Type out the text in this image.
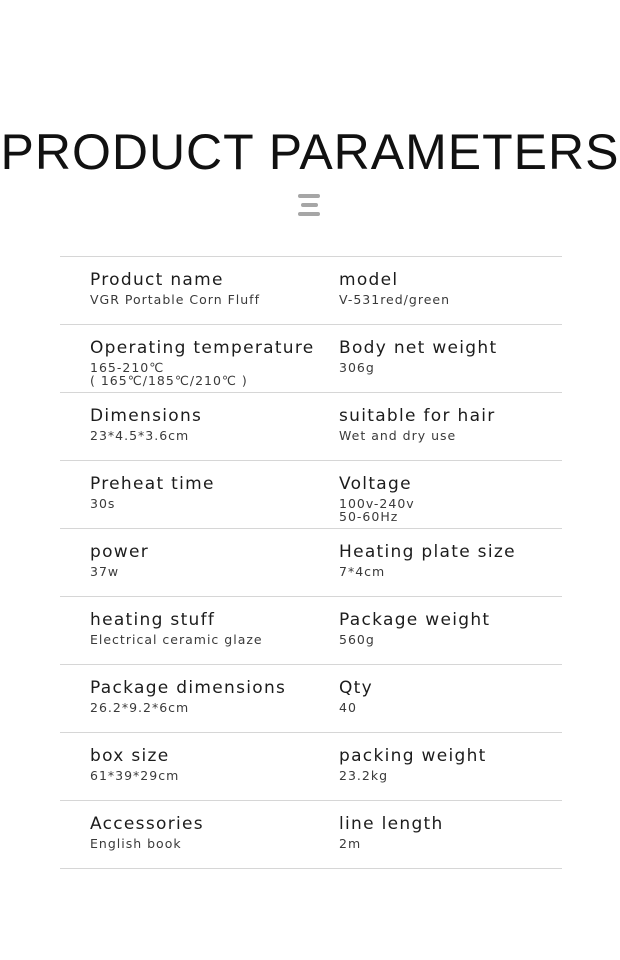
PRODUCT PARAMETERS
Product name
VGR Portable Corn Fluff
model
V-531red/green
Operating temperature
165-210℃
( 165℃/185℃/210℃ )
Body net weight
306g
Dimensions
23*4.5*3.6cm
suitable for hair
Wet and dry use
Preheat time
30s
Voltage
100v-240v
50-60Hz
power
37w
Heating plate size
7*4cm
heating stuff
Electrical ceramic glaze
Package weight
560g
Package dimensions
26.2*9.2*6cm
Qty
40
box size
61*39*29cm
packing weight
23.2kg
Accessories
English book
line length
2m
